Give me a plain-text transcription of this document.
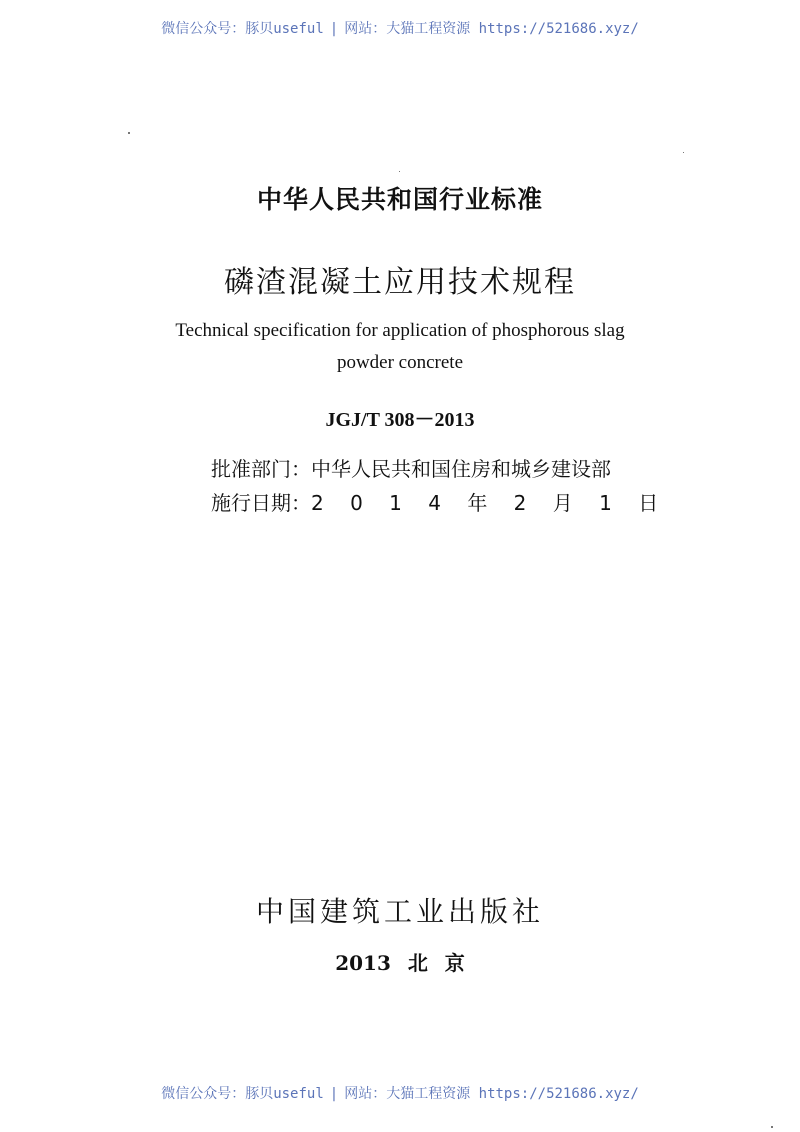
微信公众号：豚贝useful | 网站：大猫工程资源 https://521686.xyz/
中华人民共和国行业标准
磷渣混凝土应用技术规程
Technical specification for application of phosphorous slag
powder concrete
JGJ/T 308－2013
批准部门：中华人民共和国住房和城乡建设部
施行日期：2 0 1 4 年 2 月 1 日
中国建筑工业出版社
2013 北 京
微信公众号：豚贝useful | 网站：大猫工程资源 https://521686.xyz/
